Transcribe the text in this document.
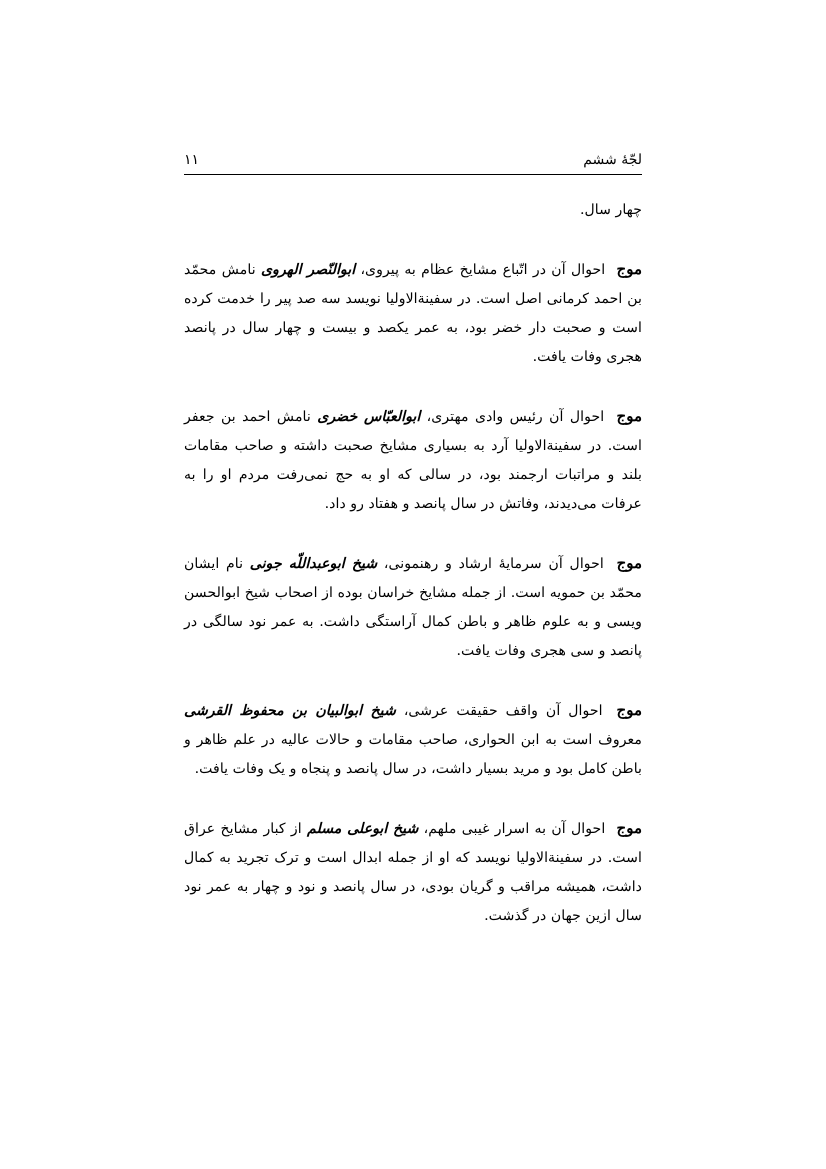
لجّهٔ ششم
۱۱

چهار سال.

موج احوال آن در اتّباع مشایخ عظام به پیروی، ابوالنّصر الهروی نامش محمّد بن احمد کرمانی اصل است. در سفینةالاولیا نویسد سه صد پیر را خدمت کرده است و صحبت دار خضر بود، به عمر یکصد و بیست و چهار سال در پانصد هجری وفات یافت.

موج احوال آن رئیس وادی مهتری، ابوالعبّاس خضری نامش احمد بن جعفر است. در سفینةالاولیا آرد به بسیاری مشایخ صحبت داشته و صاحب مقامات بلند و مراتبات ارجمند بود، در سالی که او به حج نمی‌رفت مردم او را به عرفات می‌دیدند، وفاتش در سال پانصد و هفتاد رو داد.

موج احوال آن سرمایهٔ ارشاد و رهنمونی، شیخ ابوعبداللّه جونی نام ایشان محمّد بن حمویه است. از جمله مشایخ خراسان بوده از اصحاب شیخ ابوالحسن ویسی و به علوم ظاهر و باطن کمال آراستگی داشت. به عمر نود سالگی در پانصد و سی هجری وفات یافت.

موج احوال آن واقف حقیقت عرشی، شیخ ابوالبیان بن محفوظ القرشی معروف است به ابن الحواری، صاحب مقامات و حالات عالیه در علم ظاهر و باطن کامل بود و مرید بسیار داشت، در سال پانصد و پنجاه و یک وفات یافت.

موج احوال آن به اسرار غیبی ملهم، شیخ ابوعلی مسلم از کبار مشایخ عراق است. در سفینةالاولیا نویسد که او از جمله ابدال است و ترک تجرید به کمال داشت، همیشه مراقب و گریان بودی، در سال پانصد و نود و چهار به عمر نود سال ازین جهان در گذشت.
